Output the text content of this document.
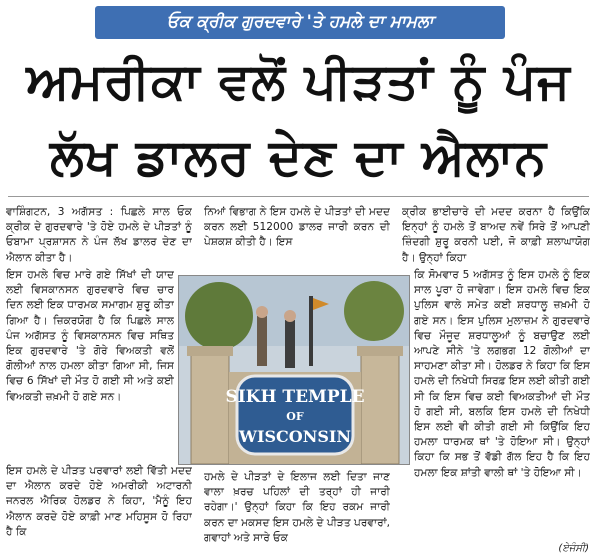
ਓਕ ਕ੍ਰੀਕ ਗੁਰਦਵਾਰੇ 'ਤੇ ਹਮਲੇ ਦਾ ਮਾਮਲਾ
ਅਮਰੀਕਾ ਵਲੋਂ ਪੀੜਤਾਂ ਨੂੰ ਪੰਜ
ਲੱਖ ਡਾਲਰ ਦੇਣ ਦਾ ਐਲਾਨ

ਵਾਸ਼ਿੰਗਟਨ, 3 ਅਗੱਸਤ : ਪਿਛਲੇ ਸਾਲ ਓਕ ਕ੍ਰੀਕ ਦੇ ਗੁਰਦਵਾਰੇ 'ਤੇ ਹੋਏ ਹਮਲੇ ਦੇ ਪੀੜਤਾਂ ਨੂੰ ਓਬਾਮਾ ਪ੍ਰਸ਼ਾਸਨ ਨੇ ਪੰਜ ਲੱਖ ਡਾਲਰ ਦੇਣ ਦਾ ਐਲਾਨ ਕੀਤਾ ਹੈ।

ਨਿਆਂ ਵਿਭਾਗ ਨੇ ਇਸ ਹਮਲੇ ਦੇ ਪੀੜਤਾਂ ਦੀ ਮਦਦ ਕਰਨ ਲਈ 512000 ਡਾਲਰ ਜਾਰੀ ਕਰਨ ਦੀ ਪੇਸ਼ਕਸ਼ ਕੀਤੀ ਹੈ। ਇਸ

ਕ੍ਰੀਕ ਭਾਈਚਾਰੇ ਦੀ ਮਦਦ ਕਰਨਾ ਹੈ ਕਿਉਂਕਿ ਇਨ੍ਹਾਂ ਨੂੰ ਹਮਲੇ ਤੋਂ ਬਾਅਦ ਨਵੇਂ ਸਿਰੇ ਤੋਂ ਆਪਣੀ ਜ਼ਿੰਦਗੀ ਸ਼ੁਰੂ ਕਰਨੀ ਪਈ, ਜੋ ਕਾਫ਼ੀ ਸ਼ਲਾਘਾਯੋਗ ਹੈ। ਉਨ੍ਹਾਂ ਕਿਹਾ

ਇਸ ਹਮਲੇ ਵਿਚ ਮਾਰੇ ਗਏ ਸਿੱਖਾਂ ਦੀ ਯਾਦ ਲਈ ਵਿਸਕਾਨਸਨ ਗੁਰਦਵਾਰੇ ਵਿਚ ਚਾਰ ਦਿਨ ਲਈ ਇਕ ਧਾਰਮਕ ਸਮਾਗਮ ਸ਼ੁਰੂ ਕੀਤਾ ਗਿਆ ਹੈ। ਜ਼ਿਕਰਯੋਗ ਹੈ ਕਿ ਪਿਛਲੇ ਸਾਲ ਪੰਜ ਅਗੱਸਤ ਨੂੰ ਵਿਸਕਾਨਸਨ ਵਿਚ ਸਥਿਤ ਇਕ ਗੁਰਦਵਾਰੇ 'ਤੇ ਗੋਰੇ ਵਿਅਕਤੀ ਵਲੋਂ ਗੋਲੀਆਂ ਨਾਲ ਹਮਲਾ ਕੀਤਾ ਗਿਆ ਸੀ, ਜਿਸ ਵਿਚ 6 ਸਿੱਖਾਂ ਦੀ ਮੌਤ ਹੋ ਗਈ ਸੀ ਅਤੇ ਕਈ ਵਿਅਕਤੀ ਜ਼ਖ਼ਮੀ ਹੋ ਗਏ ਸਨ।

ਇਸ ਹਮਲੇ ਦੇ ਪੀੜਤ ਪਰਵਾਰਾਂ ਲਈ ਵਿੱਤੀ ਮਦਦ ਦਾ ਐਲਾਨ ਕਰਦੇ ਹੋਏ ਅਮਰੀਕੀ ਅਟਾਰਨੀ ਜਨਰਲ ਐਰਿਕ ਹੋਲਡਰ ਨੇ ਕਿਹਾ, 'ਮੈਨੂੰ ਇਹ ਐਲਾਨ ਕਰਦੇ ਹੋਏ ਕਾਫ਼ੀ ਮਾਣ ਮਹਿਸੂਸ ਹੋ ਰਿਹਾ ਹੈ ਕਿ

ਹਮਲੇ ਦੇ ਪੀੜਤਾਂ ਦੇ ਇਲਾਜ ਲਈ ਦਿਤਾ ਜਾਣ ਵਾਲਾ ਖ਼ਰਚ ਪਹਿਲਾਂ ਦੀ ਤਰ੍ਹਾਂ ਹੀ ਜਾਰੀ ਰਹੇਗਾ।' ਉਨ੍ਹਾਂ ਕਿਹਾ ਕਿ ਇਹ ਰਕਮ ਜਾਰੀ ਕਰਨ ਦਾ ਮਕਸਦ ਇਸ ਹਮਲੇ ਦੇ ਪੀੜਤ ਪਰਵਾਰਾਂ, ਗਵਾਹਾਂ ਅਤੇ ਸਾਰੇ ਓਕ

ਕਿ ਸੋਮਵਾਰ 5 ਅਗੱਸਤ ਨੂੰ ਇਸ ਹਮਲੇ ਨੂੰ ਇਕ ਸਾਲ ਪੂਰਾ ਹੋ ਜਾਵੇਗਾ। ਇਸ ਹਮਲੇ ਵਿਚ ਇਕ ਪੁਲਿਸ ਵਾਲੇ ਸਮੇਤ ਕਈ ਸ਼ਰਧਾਲੂ ਜ਼ਖ਼ਮੀ ਹੋ ਗਏ ਸਨ। ਇਸ ਪੁਲਿਸ ਮੁਲਾਜ਼ਮ ਨੇ ਗੁਰਦਵਾਰੇ ਵਿਚ ਮੌਜੂਦ ਸ਼ਰਧਾਲੂਆਂ ਨੂੰ ਬਚਾਉਣ ਲਈ ਆਪਣੇ ਸੀਨੇ 'ਤੇ ਲਗਭਗ 12 ਗੋਲੀਆਂ ਦਾ ਸਾਹਮਣਾ ਕੀਤਾ ਸੀ। ਹੋਲਡਰ ਨੇ ਕਿਹਾ ਕਿ ਇਸ ਹਮਲੇ ਦੀ ਨਿਖੇਧੀ ਸਿਰਫ਼ ਇਸ ਲਈ ਕੀਤੀ ਗਈ ਸੀ ਕਿ ਇਸ ਵਿਚ ਕਈ ਵਿਅਕਤੀਆਂ ਦੀ ਮੌਤ ਹੋ ਗਈ ਸੀ, ਬਲਕਿ ਇਸ ਹਮਲੇ ਦੀ ਨਿਖੇਧੀ ਇਸ ਲਈ ਵੀ ਕੀਤੀ ਗਈ ਸੀ ਕਿਉਂਕਿ ਇਹ ਹਮਲਾ ਧਾਰਮਕ ਥਾਂ 'ਤੇ ਹੋਇਆ ਸੀ। ਉਨ੍ਹਾਂ ਕਿਹਾ ਕਿ ਸਭ ਤੋਂ ਵੱਡੀ ਗੱਲ ਇਹ ਹੈ ਕਿ ਇਹ ਹਮਲਾ ਇਕ ਸ਼ਾਂਤੀ ਵਾਲੀ ਥਾਂ 'ਤੇ ਹੋਇਆ ਸੀ।

SIKH TEMPLE
OF
WISCONSIN
(ਏਜੰਸੀ)
